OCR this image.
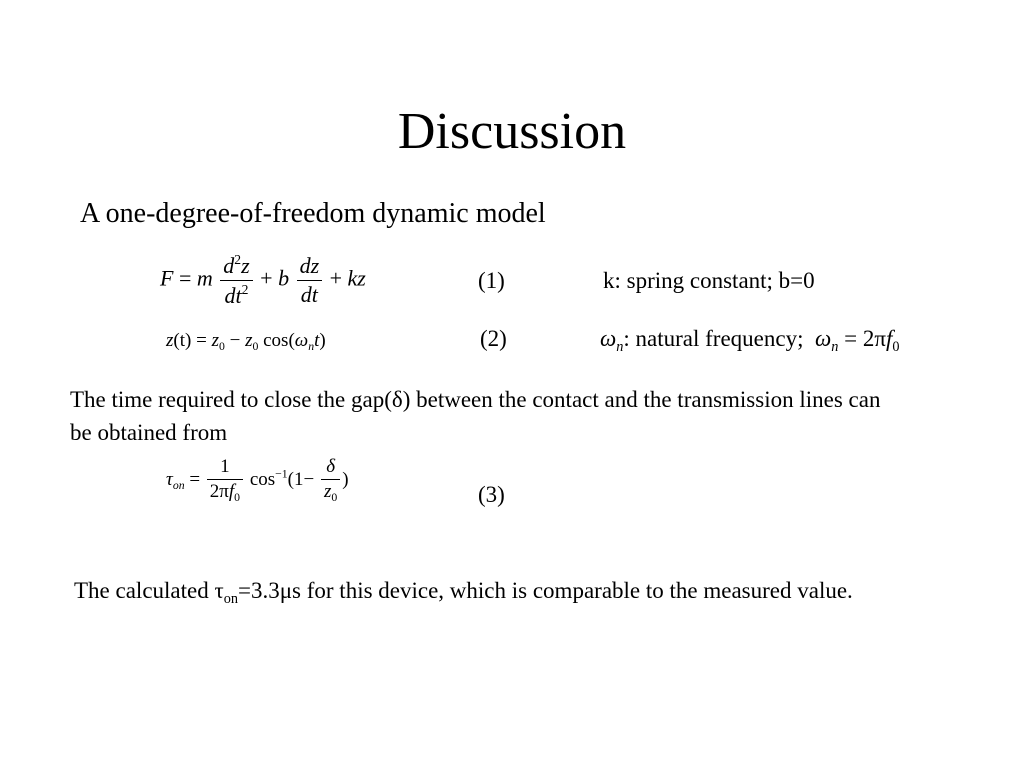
Discussion
A one-degree-of-freedom dynamic model
F = m $\frac{d^2z}{dt^2} + b \frac{dz}{dt}$ + kz	(1)	k: spring constant; b=0
$z(t) = z_0 - z_0$ $\cos(\omega_nt)$	(2)	$\omega_n$: natural frequency; $\omega_n = 2\pi f_0$
The time required to close the gap(δ) between the contact and the transmission lines can be obtained from
$\tau_{on} = \frac{1}{2\pi f_0} \cos^{-1}(1- \frac{\delta}{z_0}$ )
(3)
The calculated $\tau_{on}=3.3\mu s$ for this device, which is comparable to the measured value.
